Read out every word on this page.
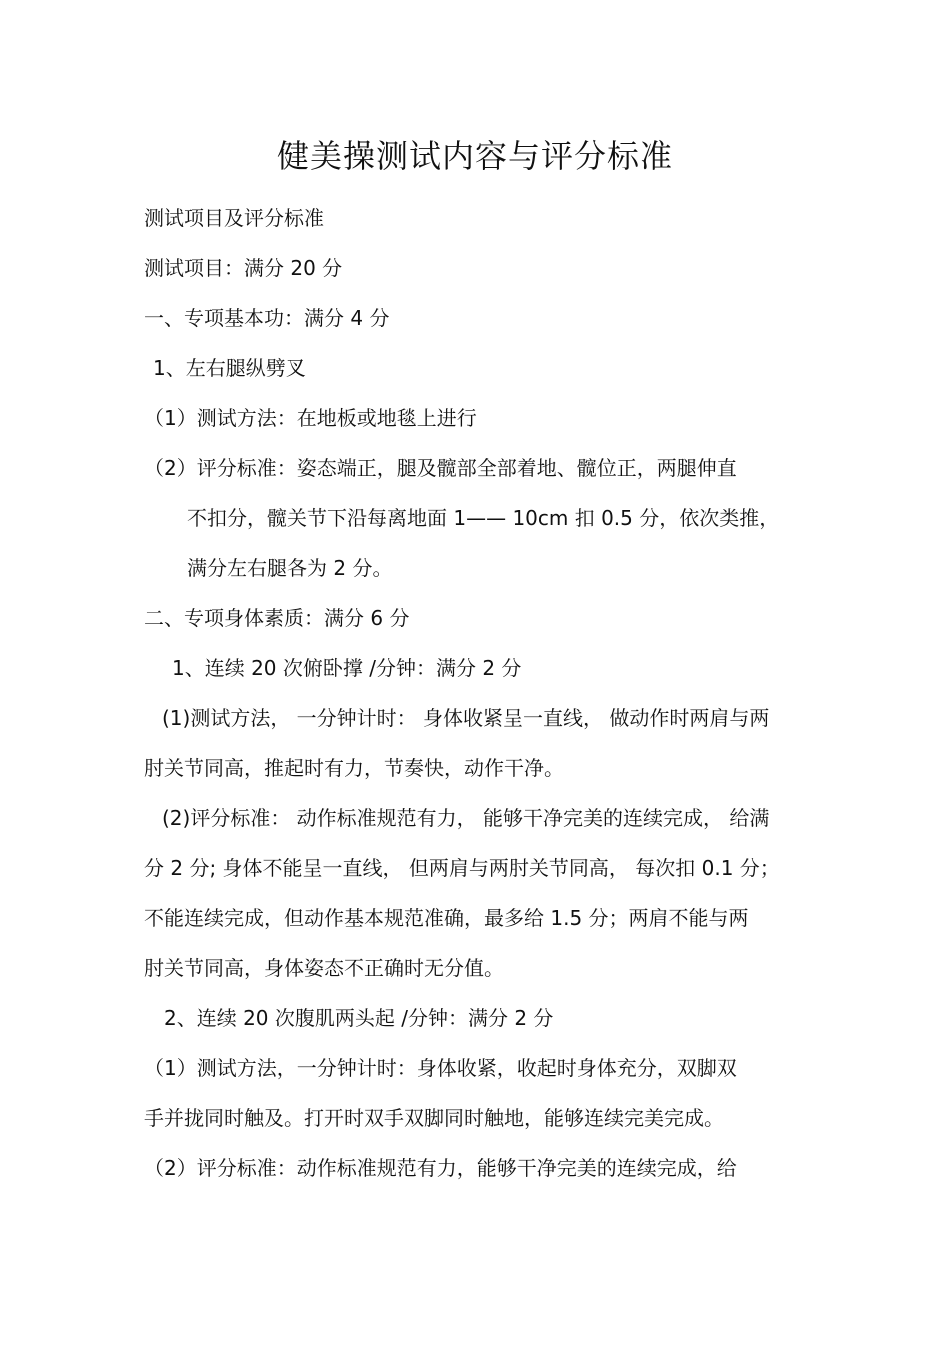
健美操测试内容与评分标准
测试项目及评分标准
测试项目：满分 20 分
一、专项基本功：满分 4 分
1、左右腿纵劈叉
（1）测试方法：在地板或地毯上进行
（2）评分标准：姿态端正，腿及髋部全部着地、髋位正，两腿伸直
不扣分，髋关节下沿每离地面 1—— 10cm 扣 0.5 分，依次类推，
满分左右腿各为 2 分。
二、专项身体素质：满分 6 分
1、连续 20 次俯卧撑 /分钟：满分 2 分
(1)测试方法， 一分钟计时： 身体收紧呈一直线， 做动作时两肩与两
肘关节同高，推起时有力，节奏快，动作干净。
(2)评分标准： 动作标准规范有力， 能够干净完美的连续完成， 给满
分 2 分; 身体不能呈一直线， 但两肩与两肘关节同高， 每次扣 0.1 分；
不能连续完成，但动作基本规范准确，最多给 1.5 分；两肩不能与两
肘关节同高，身体姿态不正确时无分值。
2、连续 20 次腹肌两头起 /分钟：满分 2 分
（1）测试方法，一分钟计时：身体收紧，收起时身体充分，双脚双
手并拢同时触及。打开时双手双脚同时触地，能够连续完美完成。
（2）评分标准：动作标准规范有力，能够干净完美的连续完成，给
